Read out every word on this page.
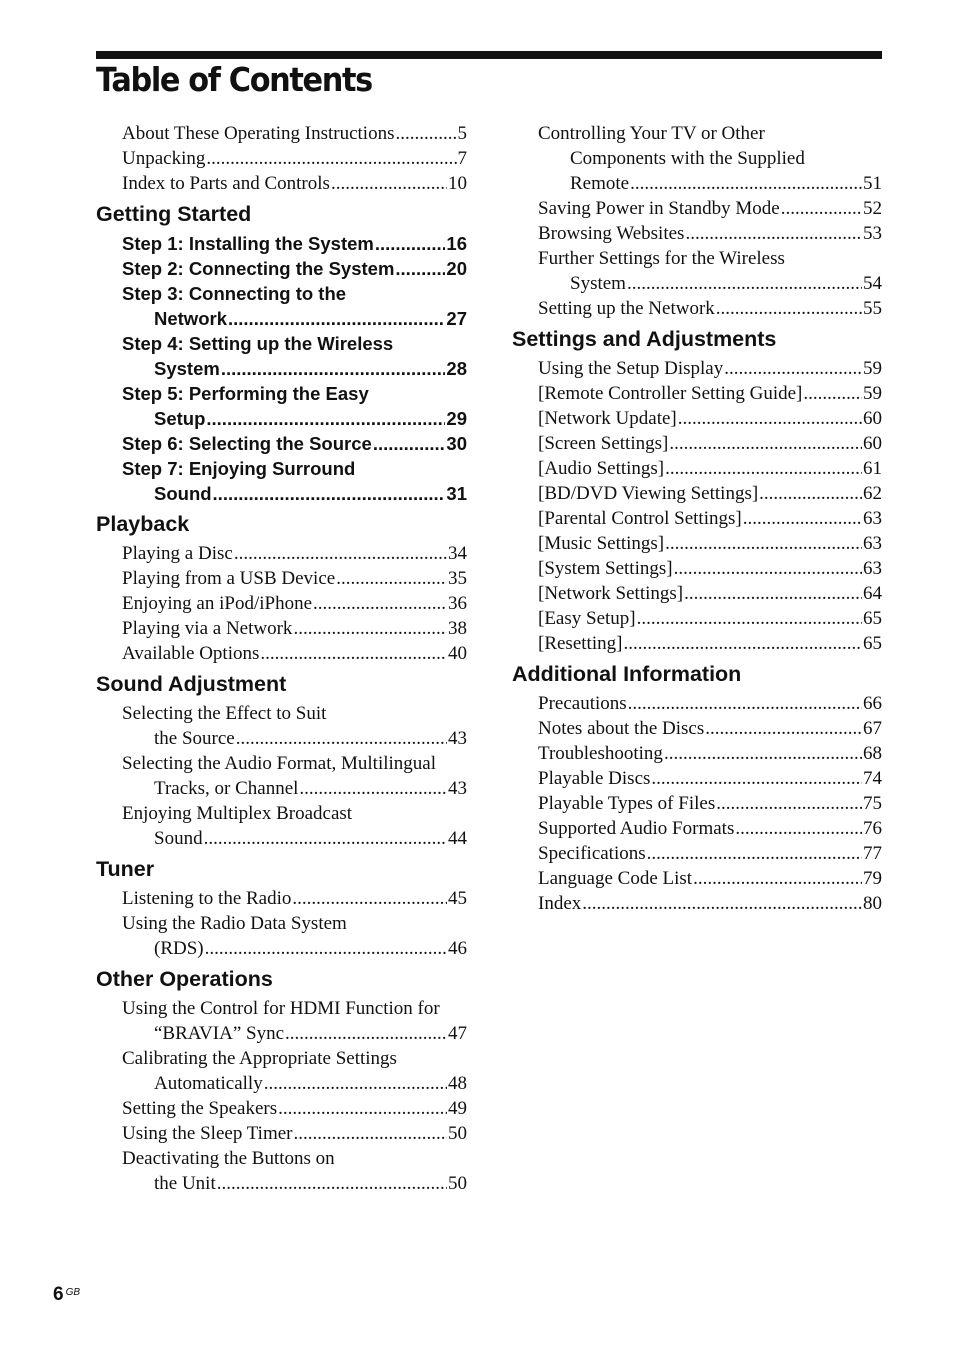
Table of Contents
About These Operating Instructions .....	5
Unpacking .....	7
Index to Parts and Controls .....	10
Getting Started
Step 1: Installing the System .....	16
Step 2: Connecting the System .....	20
Step 3: Connecting to the
Network .....	27
Step 4: Setting up the Wireless
System .....	28
Step 5: Performing the Easy
Setup .....	29
Step 6: Selecting the Source .....	30
Step 7: Enjoying Surround
Sound .....	31
Playback
Playing a Disc .....	34
Playing from a USB Device .....	35
Enjoying an iPod/iPhone .....	36
Playing via a Network .....	38
Available Options .....	40
Sound Adjustment
Selecting the Effect to Suit
the Source .....	43
Selecting the Audio Format, Multilingual
Tracks, or Channel .....	43
Enjoying Multiplex Broadcast
Sound .....	44
Tuner
Listening to the Radio .....	45
Using the Radio Data System
(RDS) .....	46
Other Operations
Using the Control for HDMI Function for
“BRAVIA” Sync .....	47
Calibrating the Appropriate Settings
Automatically .....	48
Setting the Speakers .....	49
Using the Sleep Timer .....	50
Deactivating the Buttons on
the Unit .....	50
Controlling Your TV or Other
Components with the Supplied
Remote .....	51
Saving Power in Standby Mode .....	52
Browsing Websites .....	53
Further Settings for the Wireless
System .....	54
Setting up the Network .....	55
Settings and Adjustments
Using the Setup Display .....	59
[Remote Controller Setting Guide] .....	59
[Network Update] .....	60
[Screen Settings] .....	60
[Audio Settings] .....	61
[BD/DVD Viewing Settings] .....	62
[Parental Control Settings] .....	63
[Music Settings] .....	63
[System Settings] .....	63
[Network Settings] .....	64
[Easy Setup] .....	65
[Resetting] .....	65
Additional Information
Precautions .....	66
Notes about the Discs .....	67
Troubleshooting .....	68
Playable Discs .....	74
Playable Types of Files .....	75
Supported Audio Formats .....	76
Specifications .....	77
Language Code List .....	79
Index .....	80
6 $^{GB}$
